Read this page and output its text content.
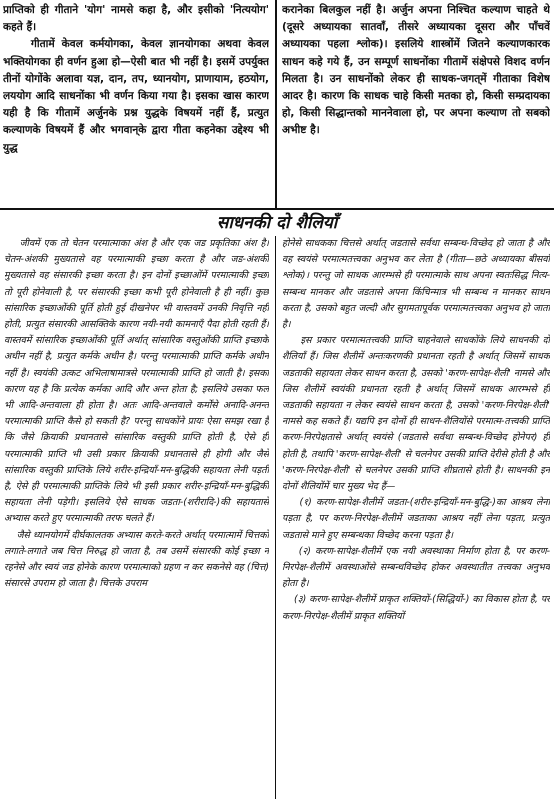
प्राप्तिको ही गीताने 'योग' नामसे कहा है, और इसीको 'नित्ययोग' कहते हैं।
गीतामें केवल कर्मयोगका, केवल ज्ञानयोगका अथवा केवल भक्तियोगका ही वर्णन हुआ हो—ऐसी बात भी नहीं है। इसमें उपर्युक्त तीनों योगोंके अलावा यज्ञ, दान, तप, ध्यानयोग, प्राणायाम, हठयोग, लययोग आदि साधनोंका भी वर्णन किया गया है। इसका खास कारण यही है कि गीतामें अर्जुनके प्रश्न युद्धके विषयमें नहीं हैं, प्रत्युत कल्याणके विषयमें हैं और भगवान्‌के द्वारा गीता कहनेका उद्देश्य भी युद्ध
करानेका बिलकुल नहीं है। अर्जुन अपना निश्चित कल्याण चाहते थे (दूसरे अध्यायका सातवाँ, तीसरे अध्यायका दूसरा और पाँचवें अध्यायका पहला श्लोक)। इसलिये शास्त्रोंमें जितने कल्याणकारक साधन कहे गये हैं, उन सम्पूर्ण साधनोंका गीतामें संक्षेपसे विशद वर्णन मिलता है। उन साधनोंको लेकर ही साधक-जगत्‌में गीताका विशेष आदर है। कारण कि साधक चाहे किसी मतका हो, किसी सम्प्रदायका हो, किसी सिद्धान्तको माननेवाला हो, पर अपना कल्याण तो सबको अभीष्ट है।
साधनकी दो शैलियाँ
जीवमें एक तो चेतन परमात्माका अंश है और एक जड प्रकृतिका अंश है। चेतन-अंशकी मुख्यतासे वह परमात्माकी इच्छा करता है और जड-अंशकी मुख्यतासे वह संसारकी इच्छा करता है। इन दोनों इच्छाओंमें परमात्माकी इच्छा तो पूरी होनेवाली है, पर संसारकी इच्छा कभी पूरी होनेवाली है ही नहीं। कुछ सांसारिक इच्छाओंकी पूर्ति होती हुई दीखनेपर भी वास्तवमें उनकी निवृत्ति नहीं होती, प्रत्युत संसारकी आसक्तिके कारण नयी-नयी कामनाएँ पैदा होती रहती हैं। वास्तवमें सांसारिक इच्छाओंकी पूर्ति अर्थात् सांसारिक वस्तुओंकी प्राप्ति इच्छाके अधीन नहीं है, प्रत्युत कर्मके अधीन है। परन्तु परमात्माकी प्राप्ति कर्मके अधीन नहीं है। स्वयंकी उत्कट अभिलाषामात्रसे परमात्माकी प्राप्ति हो जाती है। इसका कारण यह है कि प्रत्येक कर्मका आदि और अन्त होता है; इसलिये उसका फल भी आदि-अन्तवाला ही होता है। अतः आदि-अन्तवाले कर्मोंसे अनादि-अनन्त परमात्माकी प्राप्ति कैसे हो सकती है? परन्तु साधकोंने प्रायः ऐसा समझ रखा है कि जैसे क्रियाकी प्रधानतासे सांसारिक वस्तुकी प्राप्ति होती है, ऐसे ही परमात्माकी प्राप्ति भी उसी प्रकार क्रियाकी प्रधानतासे ही होगी और जैसे सांसारिक वस्तुकी प्राप्तिके लिये शरीर-इन्द्रियाँ-मन-बुद्धिकी सहायता लेनी पड़ती है, ऐसे ही परमात्माकी प्राप्तिके लिये भी इसी प्रकार शरीर-इन्द्रियाँ-मन-बुद्धिकी सहायता लेनी पड़ेगी। इसलिये ऐसे साधक जडता-(शरीरादि-)की सहायतासे अभ्यास करते हुए परमात्माकी तरफ चलते हैं।
जैसे ध्यानयोगमें दीर्घकालतक अभ्यास करते-करते अर्थात् परमात्मामें चित्तको लगाते-लगाते जब चित्त निरुद्ध हो जाता है, तब उसमें संसारकी कोई इच्छा न रहनेसे और स्वयं जड होनेके कारण परमात्माको ग्रहण न कर सकनेसे वह (चित्त) संसारसे उपराम हो जाता है। चित्तके उपराम
होनेसे साधकका चित्तसे अर्थात् जडतासे सर्वथा सम्बन्ध-विच्छेद हो जाता है और वह स्वयंसे परमात्मतत्त्वका अनुभव कर लेता है (गीता—छठे अध्यायका बीसवाँ श्लोक)। परन्तु जो साधक आरम्भसे ही परमात्माके साथ अपना स्वतःसिद्ध नित्य-सम्बन्ध मानकर और जडतासे अपना किंचिन्मात्र भी सम्बन्ध न मानकर साधन करता है, उसको बहुत जल्दी और सुगमतापूर्वक परमात्मतत्त्वका अनुभव हो जाता है।
इस प्रकार परमात्मतत्त्वकी प्राप्ति चाहनेवाले साधकोंके लिये साधनकी दो शैलियाँ हैं। जिस शैलीमें अन्तःकरणकी प्रधानता रहती है अर्थात् जिसमें साधक जडताकी सहायता लेकर साधन करता है, उसको 'करण-सापेक्ष-शैली' नामसे और जिस शैलीमें स्वयंकी प्रधानता रहती है अर्थात् जिसमें साधक आरम्भसे ही जडताकी सहायता न लेकर स्वयंसे साधन करता है, उसको 'करण-निरपेक्ष-शैली' नामसे कह सकते हैं। यद्यपि इन दोनों ही साधन-शैलियोंसे परमात्म-तत्त्वकी प्राप्ति करण-निरपेक्षतासे अर्थात् स्वयंसे (जडतासे सर्वथा सम्बन्ध-विच्छेद होनेपर) ही होती है, तथापि 'करण-सापेक्ष-शैली' से चलनेपर उसकी प्राप्ति देरीसे होती है और 'करण-निरपेक्ष-शैली' से चलनेपर उसकी प्राप्ति शीघ्रतासे होती है। साधनकी इन दोनों शैलियोंमें चार मुख्य भेद हैं—
(१) करण-सापेक्ष-शैलीमें जडता-(शरीर-इन्द्रियाँ-मन-बुद्धि-)का आश्रय लेना पड़ता है, पर करण-निरपेक्ष-शैलीमें जडताका आश्रय नहीं लेना पड़ता, प्रत्युत जडतासे माने हुए सम्बन्धका विच्छेद करना पड़ता है।
(२) करण-सापेक्ष-शैलीमें एक नयी अवस्थाका निर्माण होता है, पर करण-निरपेक्ष-शैलीमें अवस्थाओंसे सम्बन्धविच्छेद होकर अवस्थातीत तत्त्वका अनुभव होता है।
(३) करण-सापेक्ष-शैलीमें प्राकृत शक्तियों-(सिद्धियों-) का विकास होता है, पर करण-निरपेक्ष-शैलीमें प्राकृत शक्तियों
